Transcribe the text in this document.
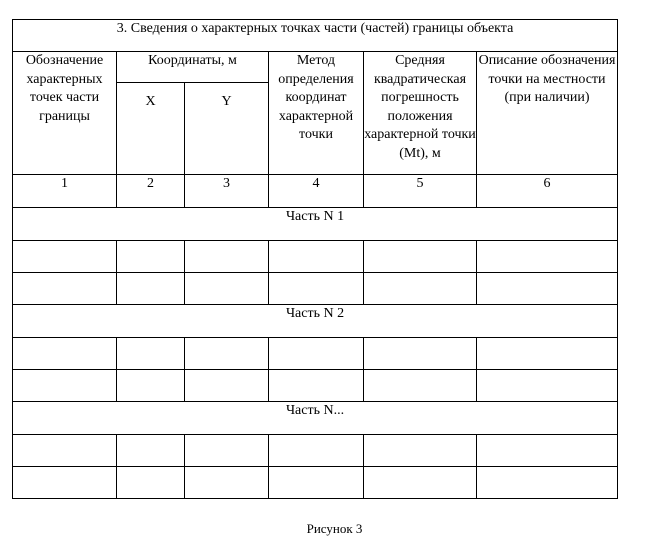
3. Сведения о характерных точках части (частей) границы объекта					
Обозначение характерных точек части границы	Координаты, м		Метод определения координат характерной точки	Средняя квадратическая погрешность положения характерной точки (Mt), м	Описание обозначения точки на местности (при наличии)
	X	Y			
1	2	3	4	5	6
Часть N 1					

Часть N 2					

Часть N...					

Рисунок 3
